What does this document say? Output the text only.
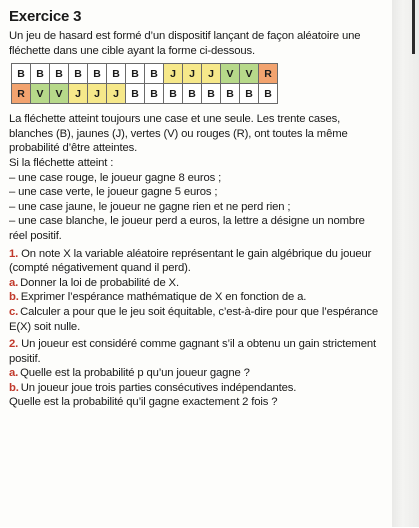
Exercice 3

Un jeu de hasard est formé d’un dispositif lançant de façon aléatoire une fléchette dans une cible ayant la forme ci-dessous.

B	B	B	B	B	B	B	B	J	J	J	V	V	R
R	V	V	J	J	J	B	B	B	B	B	B	B	B

La fléchette atteint toujours une case et une seule. Les trente cases, blanches (B), jaunes (J), vertes (V) ou rouges (R), ont toutes la même probabilité d’être atteintes.

Si la fléchette atteint :

– une case rouge, le joueur gagne 8 euros ;

– une case verte, le joueur gagne 5 euros ;

– une case jaune, le joueur ne gagne rien et ne perd rien ;

– une case blanche, le joueur perd a euros, la lettre a désigne un nombre réel positif.

1. On note X la variable aléatoire représentant le gain algébrique du joueur (compté négativement quand il perd).

a. Donner la loi de probabilité de X.

b. Exprimer l’espérance mathématique de X en fonction de a.

c. Calculer a pour que le jeu soit équitable, c’est-à-dire pour que l’espérance E(X) soit nulle.

2. Un joueur est considéré comme gagnant s’il a obtenu un gain strictement positif.

a. Quelle est la probabilité p qu’un joueur gagne ?

b. Un joueur joue trois parties consécutives indépendantes.

Quelle est la probabilité qu’il gagne exactement 2 fois ?
